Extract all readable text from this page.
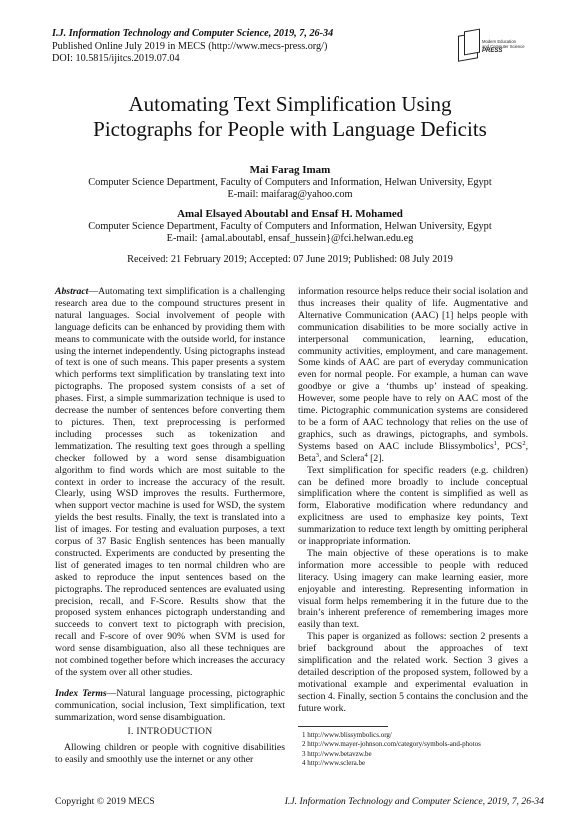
I.J. Information Technology and Computer Science, 2019, 7, 26-34
Published Online July 2019 in MECS (http://www.mecs-press.org/)
DOI: 10.5815/ijitcs.2019.07.04
Modern Education
and Computer Science
PRESS
Automating Text Simplification Using
Pictographs for People with Language Deficits
Mai Farag Imam
Computer Science Department, Faculty of Computers and Information, Helwan University, Egypt
E-mail: maifarag@yahoo.com
Amal Elsayed Aboutabl and Ensaf H. Mohamed
Computer Science Department, Faculty of Computers and Information, Helwan University, Egypt
E-mail: {amal.aboutabl, ensaf_hussein}@fci.helwan.edu.eg
Received: 21 February 2019; Accepted: 07 June 2019; Published: 08 July 2019

Abstract—Automating text simplification is a challenging research area due to the compound structures present in natural languages. Social involvement of people with language deficits can be enhanced by providing them with means to communicate with the outside world, for instance using the internet independently. Using pictographs instead of text is one of such means. This paper presents a system which performs text simplification by translating text into pictographs. The proposed system consists of a set of phases. First, a simple summarization technique is used to decrease the number of sentences before converting them to pictures. Then, text preprocessing is performed including processes such as tokenization and lemmatization. The resulting text goes through a spelling checker followed by a word sense disambiguation algorithm to find words which are most suitable to the context in order to increase the accuracy of the result. Clearly, using WSD improves the results. Furthermore, when support vector machine is used for WSD, the system yields the best results. Finally, the text is translated into a list of images. For testing and evaluation purposes, a text corpus of 37 Basic English sentences has been manually constructed. Experiments are conducted by presenting the list of generated images to ten normal children who are asked to reproduce the input sentences based on the pictographs. The reproduced sentences are evaluated using precision, recall, and F-Score. Results show that the proposed system enhances pictograph understanding and succeeds to convert text to pictograph with precision, recall and F-score of over 90% when SVM is used for word sense disambiguation, also all these techniques are not combined together before which increases the accuracy of the system over all other studies.

Index Terms—Natural language processing, pictographic communication, social inclusion, Text simplification, text summarization, word sense disambiguation.

I. INTRODUCTION
Allowing children or people with cognitive disabilities to easily and smoothly use the internet or any other

information resource helps reduce their social isolation and thus increases their quality of life. Augmentative and Alternative Communication (AAC) [1] helps people with communication disabilities to be more socially active in interpersonal communication, learning, education, community activities, employment, and care management. Some kinds of AAC are part of everyday communication even for normal people. For example, a human can wave goodbye or give a ‘thumbs up’ instead of speaking. However, some people have to rely on AAC most of the time. Pictographic communication systems are considered to be a form of AAC technology that relies on the use of graphics, such as drawings, pictographs, and symbols. Systems based on AAC include Blissymbolics$^1$, PCS$^2$, Beta$^3$, and Sclera$^4$ [2].

Text simplification for specific readers (e.g. children) can be defined more broadly to include conceptual simplification where the content is simplified as well as form, Elaborative modification where redundancy and explicitness are used to emphasize key points, Text summarization to reduce text length by omitting peripheral or inappropriate information.

The main objective of these operations is to make information more accessible to people with reduced literacy. Using imagery can make learning easier, more enjoyable and interesting. Representing information in visual form helps remembering it in the future due to the brain’s inherent preference of remembering images more easily than text.

This paper is organized as follows: section 2 presents a brief background about the approaches of text simplification and the related work. Section 3 gives a detailed description of the proposed system, followed by a motivational example and experimental evaluation in section 4. Finally, section 5 contains the conclusion and the future work.

1 http://www.blissymbolics.org/
2 http://www.mayer-johnson.com/category/symbols-and-photos
3 http://www.betavzw.be
4 http://www.sclera.be
Copyright © 2019 MECS	I.J. Information Technology and Computer Science, 2019, 7, 26-34
